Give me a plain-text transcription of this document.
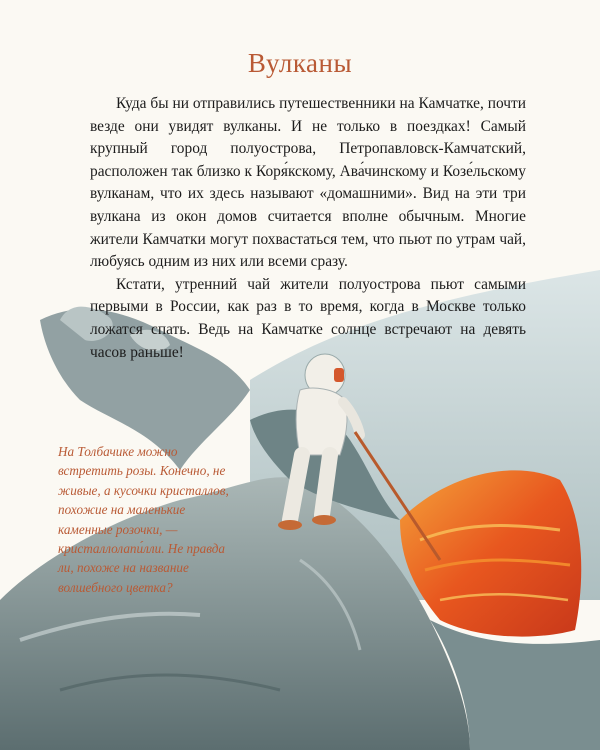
Вулканы

Куда бы ни отправились путешественники на Камчатке, почти везде они увидят вулканы. И не только в поездках! Самый крупный город полуострова, Петропавловск-Камчатский, расположен так близко к Коря́кскому, Ава́чинскому и Козе́льскому вулканам, что их здесь называют «домашними». Вид на эти три вулкана из окон домов считается вполне обычным. Многие жители Камчатки могут похвастаться тем, что пьют по утрам чай, любуясь одним из них или всеми сразу.

Кстати, утренний чай жители полуострова пьют самыми первыми в России, как раз в то время, когда в Москве только ложатся спать. Ведь на Камчатке солнце встречают на девять часов раньше!

На Толбачике можно встретить розы. Конечно, не живые, а кусочки кристаллов, похожие на маленькие каменные розочки, — кристаллолапи́лли. Не правда ли, похоже на название волшебного цветка?
